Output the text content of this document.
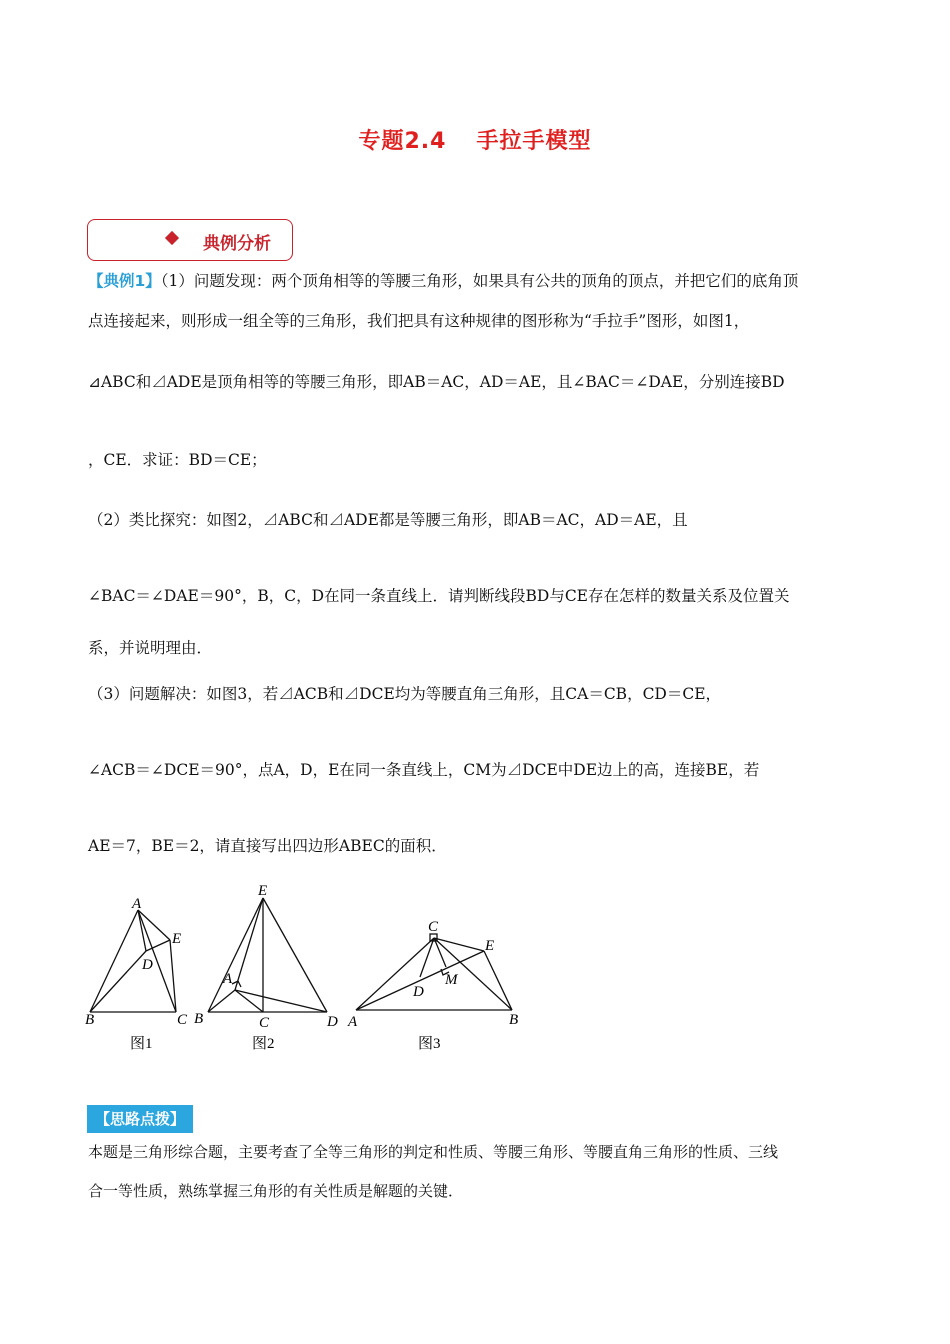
专题2.4 手拉手模型
典例分析
【典例1】（1）问题发现：两个顶角相等的等腰三角形，如果具有公共的顶角的顶点，并把它们的底角顶
点连接起来，则形成一组全等的三角形，我们把具有这种规律的图形称为“手拉手”图形，如图1，
⊿ABC和⊿ADE是顶角相等的等腰三角形，即AB＝AC，AD＝AE，且∠BAC＝∠DAE，分别连接BD
，CE．求证：BD＝CE；
（2）类比探究：如图2，⊿ABC和⊿ADE都是等腰三角形，即AB＝AC，AD＝AE，且
∠BAC＝∠DAE＝90°，B，C，D在同一条直线上．请判断线段BD与CE存在怎样的数量关系及位置关
系，并说明理由．
（3）问题解决：如图3，若⊿ACB和⊿DCE均为等腰直角三角形，且CA＝CB，CD＝CE，
∠ACB＝∠DCE＝90°，点A，D，E在同一条直线上，CM为⊿DCE中DE边上的高，连接BE，若
AE＝7，BE＝2，请直接写出四边形ABEC的面积．
A
B	C
D
E
图1
E
A
B	C	D
图2
C
E
M
D
A	B
图3
【思路点拨】
本题是三角形综合题，主要考查了全等三角形的判定和性质、等腰三角形、等腰直角三角形的性质、三线
合一等性质，熟练掌握三角形的有关性质是解题的关键．
